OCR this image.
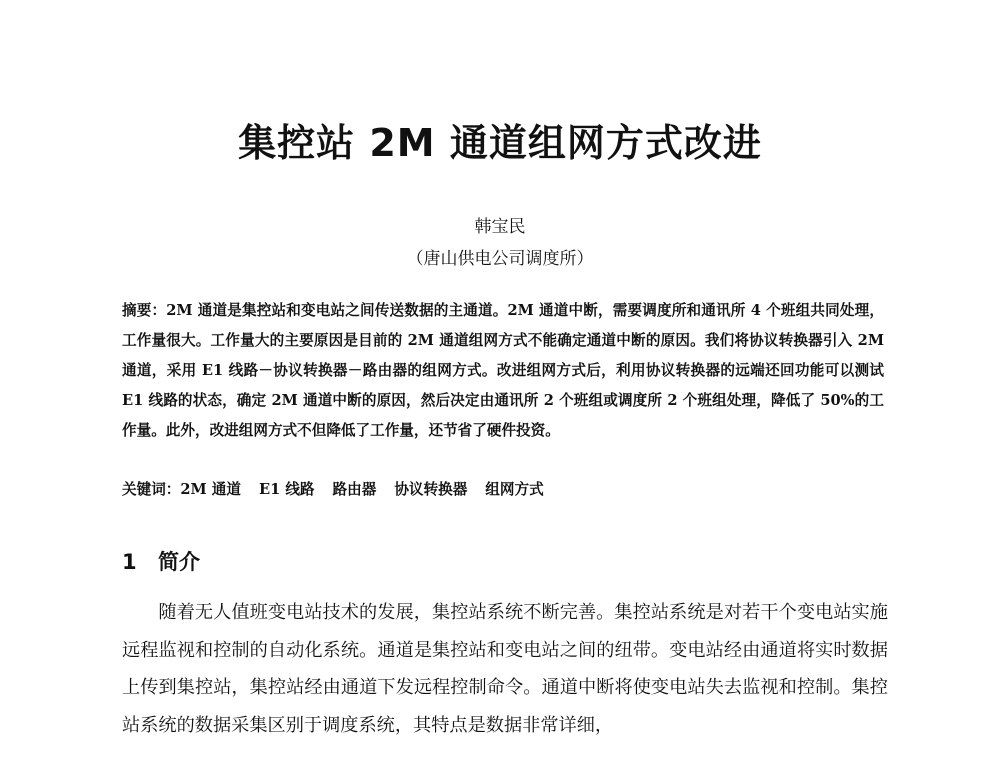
集控站 2M 通道组网方式改进

韩宝民

（唐山供电公司调度所）

摘要：2M 通道是集控站和变电站之间传送数据的主通道。2M 通道中断，需要调度所和通讯所 4 个班组共同处理，工作量很大。工作量大的主要原因是目前的 2M 通道组网方式不能确定通道中断的原因。我们将协议转换器引入 2M 通道，采用 E1 线路－协议转换器－路由器的组网方式。改进组网方式后，利用协议转换器的远端还回功能可以测试 E1 线路的状态，确定 2M 通道中断的原因，然后决定由通讯所 2 个班组或调度所 2 个班组处理，降低了 50%的工作量。此外，改进组网方式不但降低了工作量，还节省了硬件投资。

关键词：2M 通道 E1 线路 路由器 协议转换器 组网方式

1 简介

随着无人值班变电站技术的发展，集控站系统不断完善。集控站系统是对若干个变电站实施远程监视和控制的自动化系统。通道是集控站和变电站之间的纽带。变电站经由通道将实时数据上传到集控站，集控站经由通道下发远程控制命令。通道中断将使变电站失去监视和控制。集控站系统的数据采集区别于调度系统，其特点是数据非常详细，
